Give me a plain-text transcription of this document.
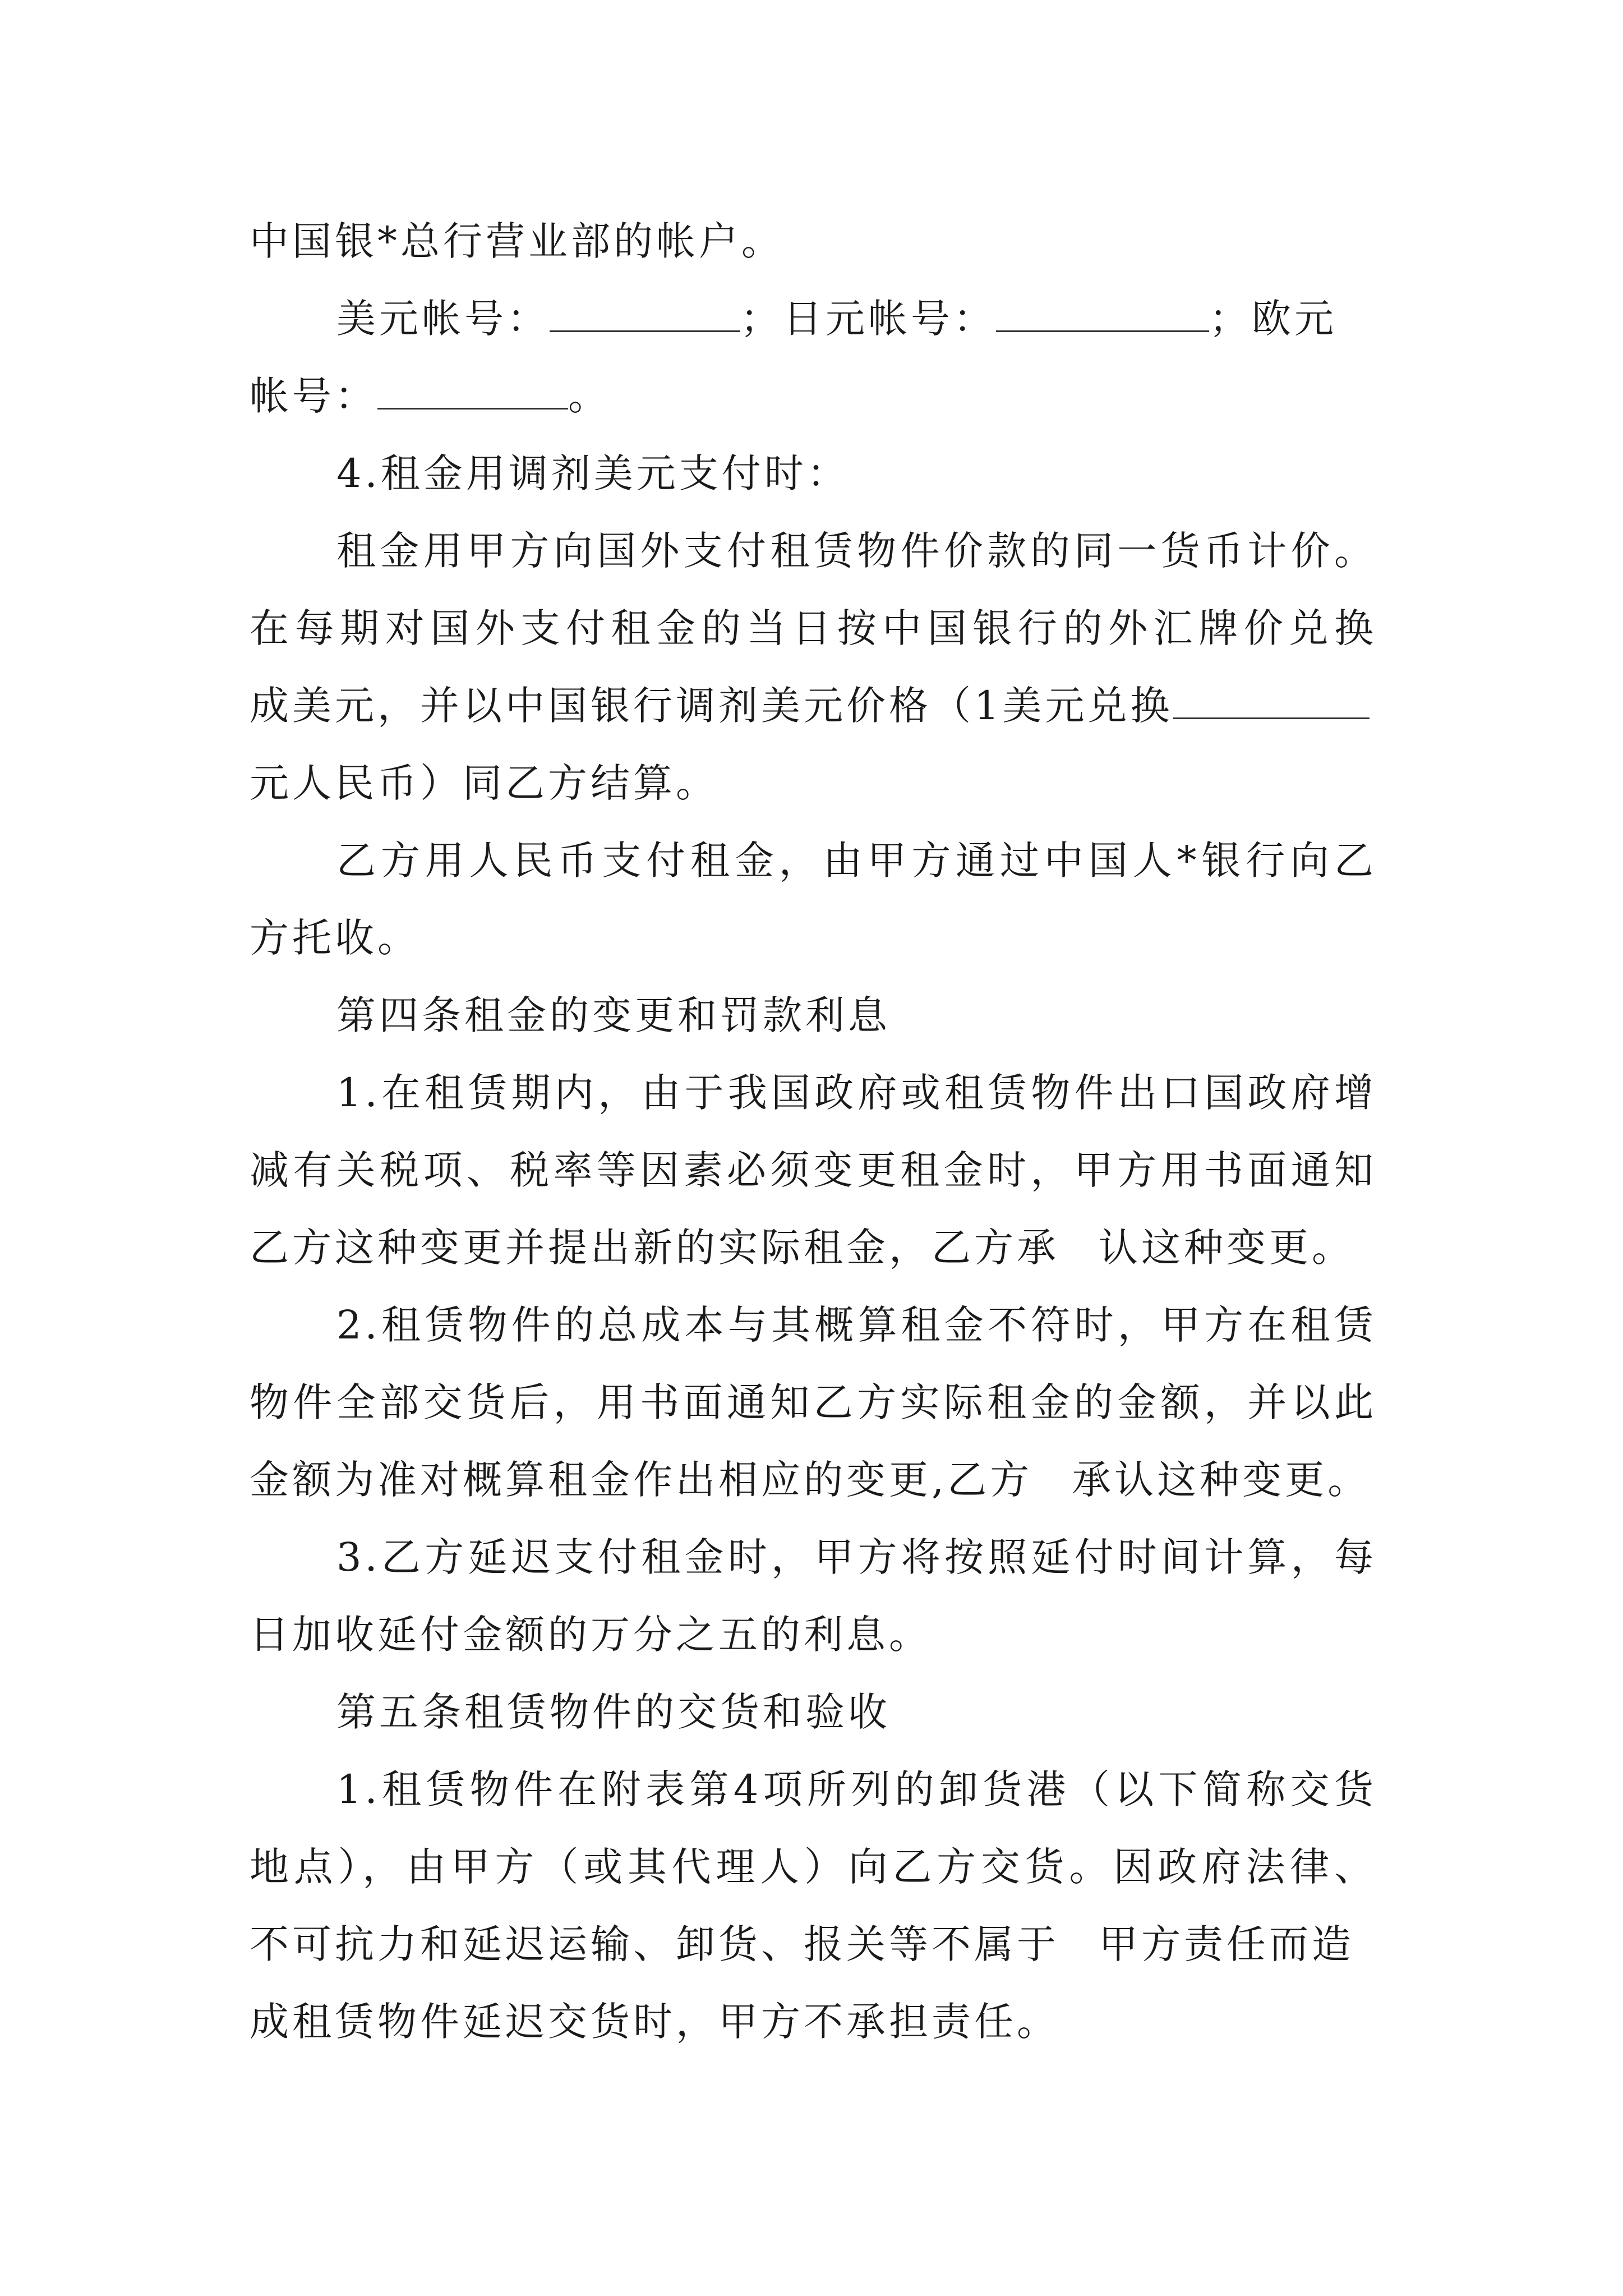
中国银*总行营业部的帐户。
美元帐号：	；日元帐号：	；欧元
帐号：	。
4.租金用调剂美元支付时：
租金用甲方向国外支付租赁物件价款的同一货币计价。
在每期对国外支付租金的当日按中国银行的外汇牌价兑换
成美元，并以中国银行调剂美元价格（1美元兑换
元人民币）同乙方结算。
乙方用人民币支付租金，由甲方通过中国人*银行向乙
方托收。
第四条租金的变更和罚款利息
1.在租赁期内，由于我国政府或租赁物件出口国政府增
减有关税项、税率等因素必须变更租金时，甲方用书面通知
乙方这种变更并提出新的实际租金，乙方承 认这种变更。
2.租赁物件的总成本与其概算租金不符时，甲方在租赁
物件全部交货后，用书面通知乙方实际租金的金额，并以此
金额为准对概算租金作出相应的变更,乙方 承认这种变更。
3.乙方延迟支付租金时，甲方将按照延付时间计算，每
日加收延付金额的万分之五的利息。
第五条租赁物件的交货和验收
1.租赁物件在附表第4项所列的卸货港（以下简称交货
地点），由甲方（或其代理人）向乙方交货。因政府法律、
不可抗力和延迟运输、卸货、报关等不属于 甲方责任而造
成租赁物件延迟交货时，甲方不承担责任。
